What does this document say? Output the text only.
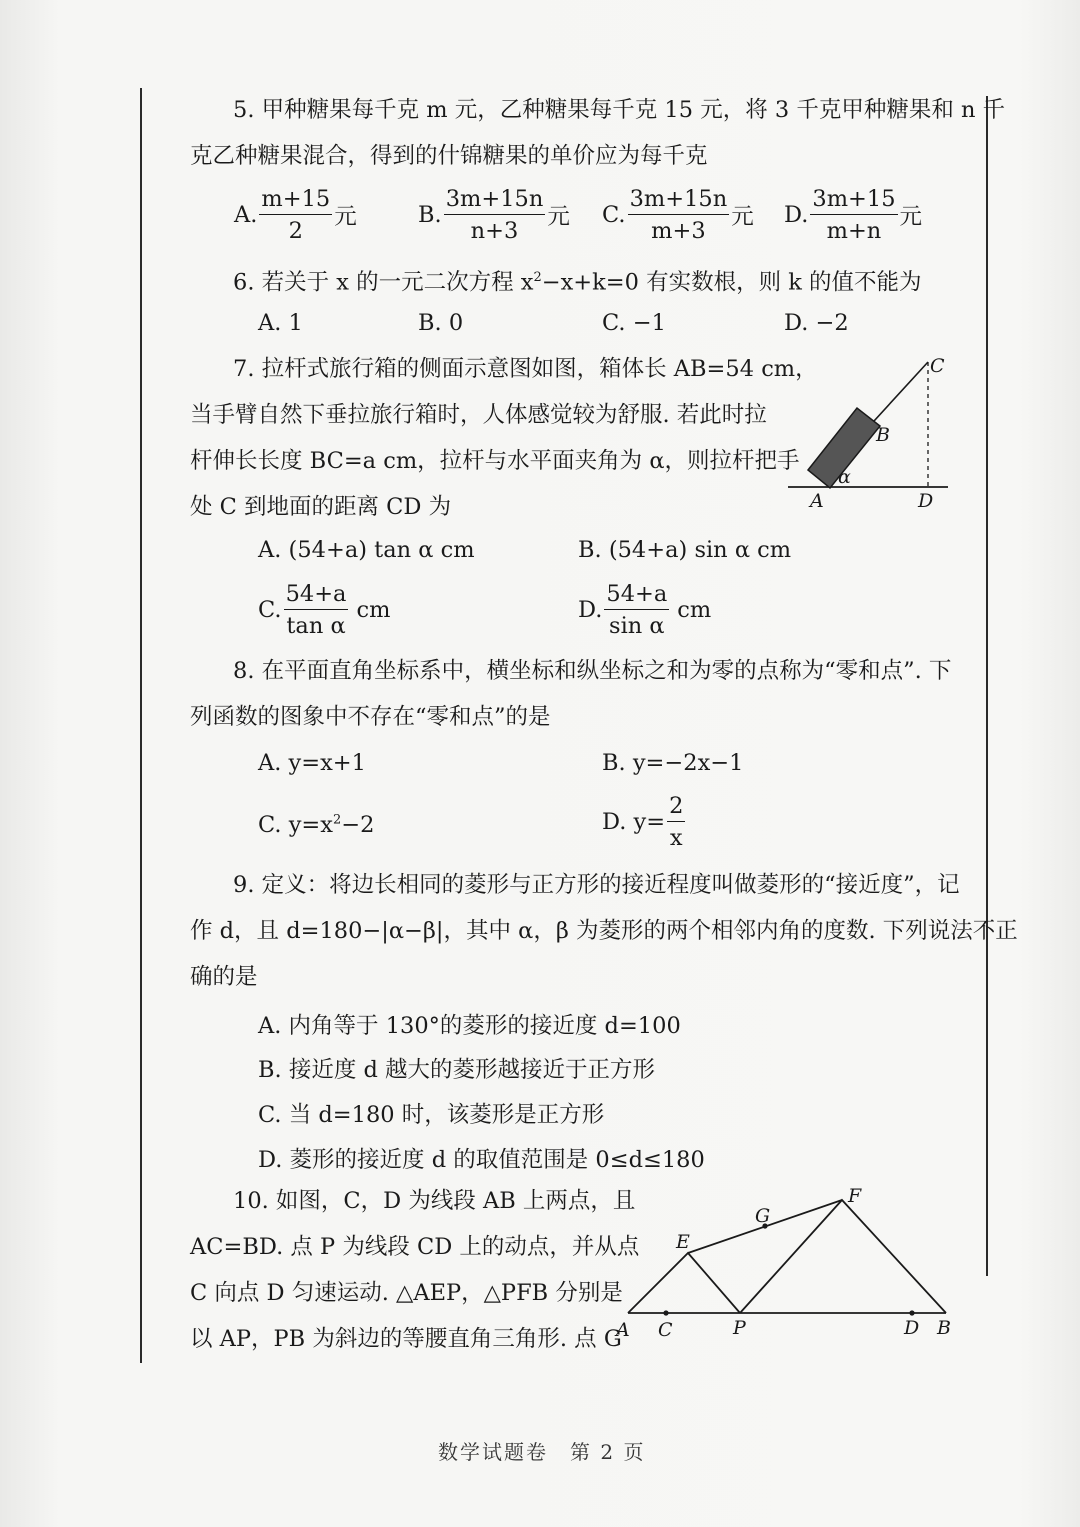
5. 甲种糖果每千克 m 元，乙种糖果每千克 15 元，将 3 千克甲种糖果和 n 千
克乙种糖果混合，得到的什锦糖果的单价应为每千克
A. $\frac{m+15}{2}$ 元	B. $\frac{3m+15n}{n+3}$ 元 C. $\frac{3m+15n}{m+3}$ 元 D. $\frac{3m+15}{m+n}$ 元
6. 若关于 x 的一元二次方程 $x^2-x+k=0$ 有实数根，则 k 的值不能为
A. 1	B. 0	C. −1	D. −2
7. 拉杆式旅行箱的侧面示意图如图，箱体长 AB=54 cm，
当手臂自然下垂拉旅行箱时，人体感觉较为舒服. 若此时拉
杆伸长长度 BC=a cm，拉杆与水平面夹角为 α，则拉杆把手
处 C 到地面的距离 CD 为
C
B
α
A	D
A. (54+a) tan α cm	B. (54+a) sin α cm
C. $\frac{54+a}{\text{tan α}}$ cm	D. $\frac{54+a}{\text{sin α}}$ cm
8. 在平面直角坐标系中，横坐标和纵坐标之和为零的点称为“零和点”. 下
列函数的图象中不存在“零和点”的是
A. y=x+1	B. y=−2x−1
C. $y=x^2-2$	D. $y= \frac{2}{x}$
9. 定义：将边长相同的菱形与正方形的接近程度叫做菱形的“接近度”，记
作 d，且 d=180−|α−β|，其中 α，β 为菱形的两个相邻内角的度数. 下列说法不正
确的是
A. 内角等于 130°的菱形的接近度 d=100
B. 接近度 d 越大的菱形越接近于正方形
C. 当 d=180 时，该菱形是正方形
D. 菱形的接近度 d 的取值范围是 0≤d≤180
10. 如图，C，D 为线段 AB 上两点，且
AC=BD. 点 P 为线段 CD 上的动点，并从点
C 向点 D 匀速运动. △AEP，△PFB 分别是
以 AP，PB 为斜边的等腰直角三角形. 点 G
A C	P	D B
E
G
F
数学试题卷　第 2 页
